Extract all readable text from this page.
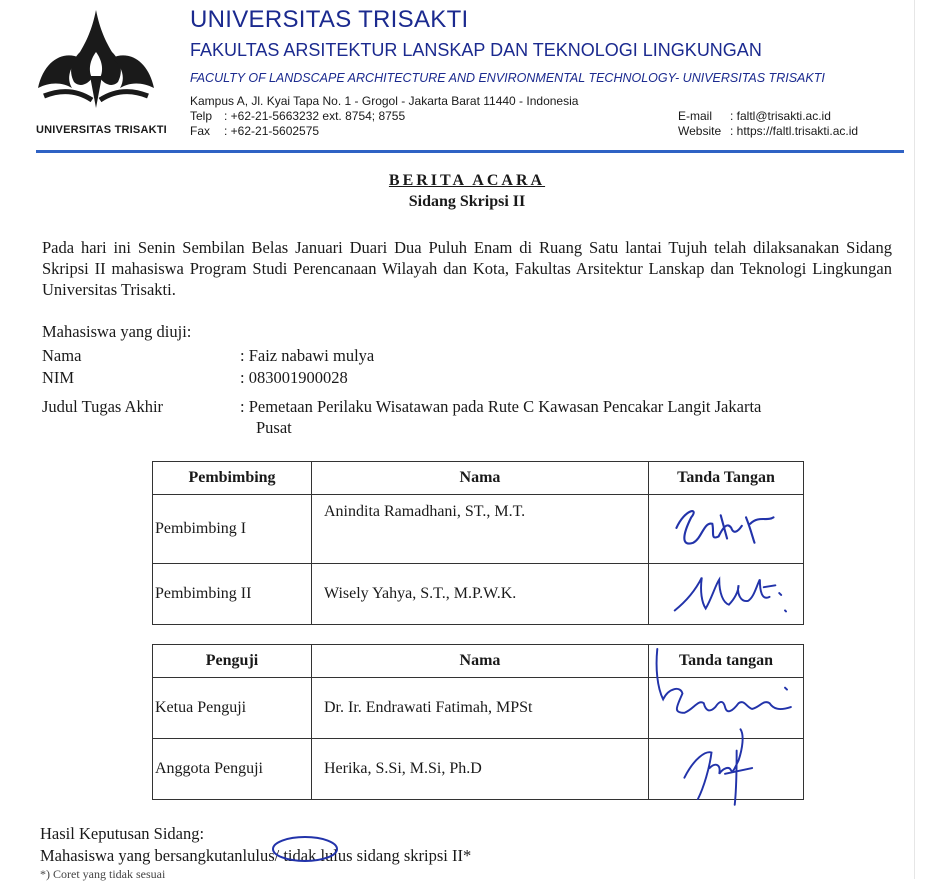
UNIVERSITAS TRISAKTI
UNIVERSITAS TRISAKTI
FAKULTAS ARSITEKTUR LANSKAP DAN TEKNOLOGI LINGKUNGAN
FACULTY OF LANDSCAPE ARCHITECTURE AND ENVIRONMENTAL TECHNOLOGY- UNIVERSITAS TRISAKTI
Kampus A, Jl. Kyai Tapa No. 1 - Grogol - Jakarta Barat 11440 - Indonesia
Telp : +62-21-5663232 ext. 8754; 8755
Fax : +62-21-5602575
E-mail : faltl@trisakti.ac.id
Website : https://faltl.trisakti.ac.id
BERITA ACARA
Sidang Skripsi II
Pada hari ini Senin Sembilan Belas Januari Duari Dua Puluh Enam di Ruang Satu lantai Tujuh telah dilaksanakan Sidang Skripsi II mahasiswa Program Studi Perencanaan Wilayah dan Kota, Fakultas Arsitektur Lanskap dan Teknologi Lingkungan Universitas Trisakti.
Mahasiswa yang diuji:
Nama	: Faiz nabawi mulya
NIM	: 083001900028
Judul Tugas Akhir	: Pemetaan Perilaku Wisatawan pada Rute C Kawasan Pencakar Langit Jakarta
Pusat
Pembimbing	Nama	Tanda Tangan
Pembimbing I	Anindita Ramadhani, ST., M.T.	

Pembimbing II	Wisely Yahya, S.T., M.P.W.K.	
Penguji	Nama	Tanda tangan
Ketua Penguji	Dr. Ir. Endrawati Fatimah, MPSt	

Anggota Penguji	Herika, S.Si, M.Si, Ph.D	
Hasil Keputusan Sidang:
Mahasiswa yang bersangkutanlulus/ tidak lulus sidang skripsi II*
*) Coret yang tidak sesuai
